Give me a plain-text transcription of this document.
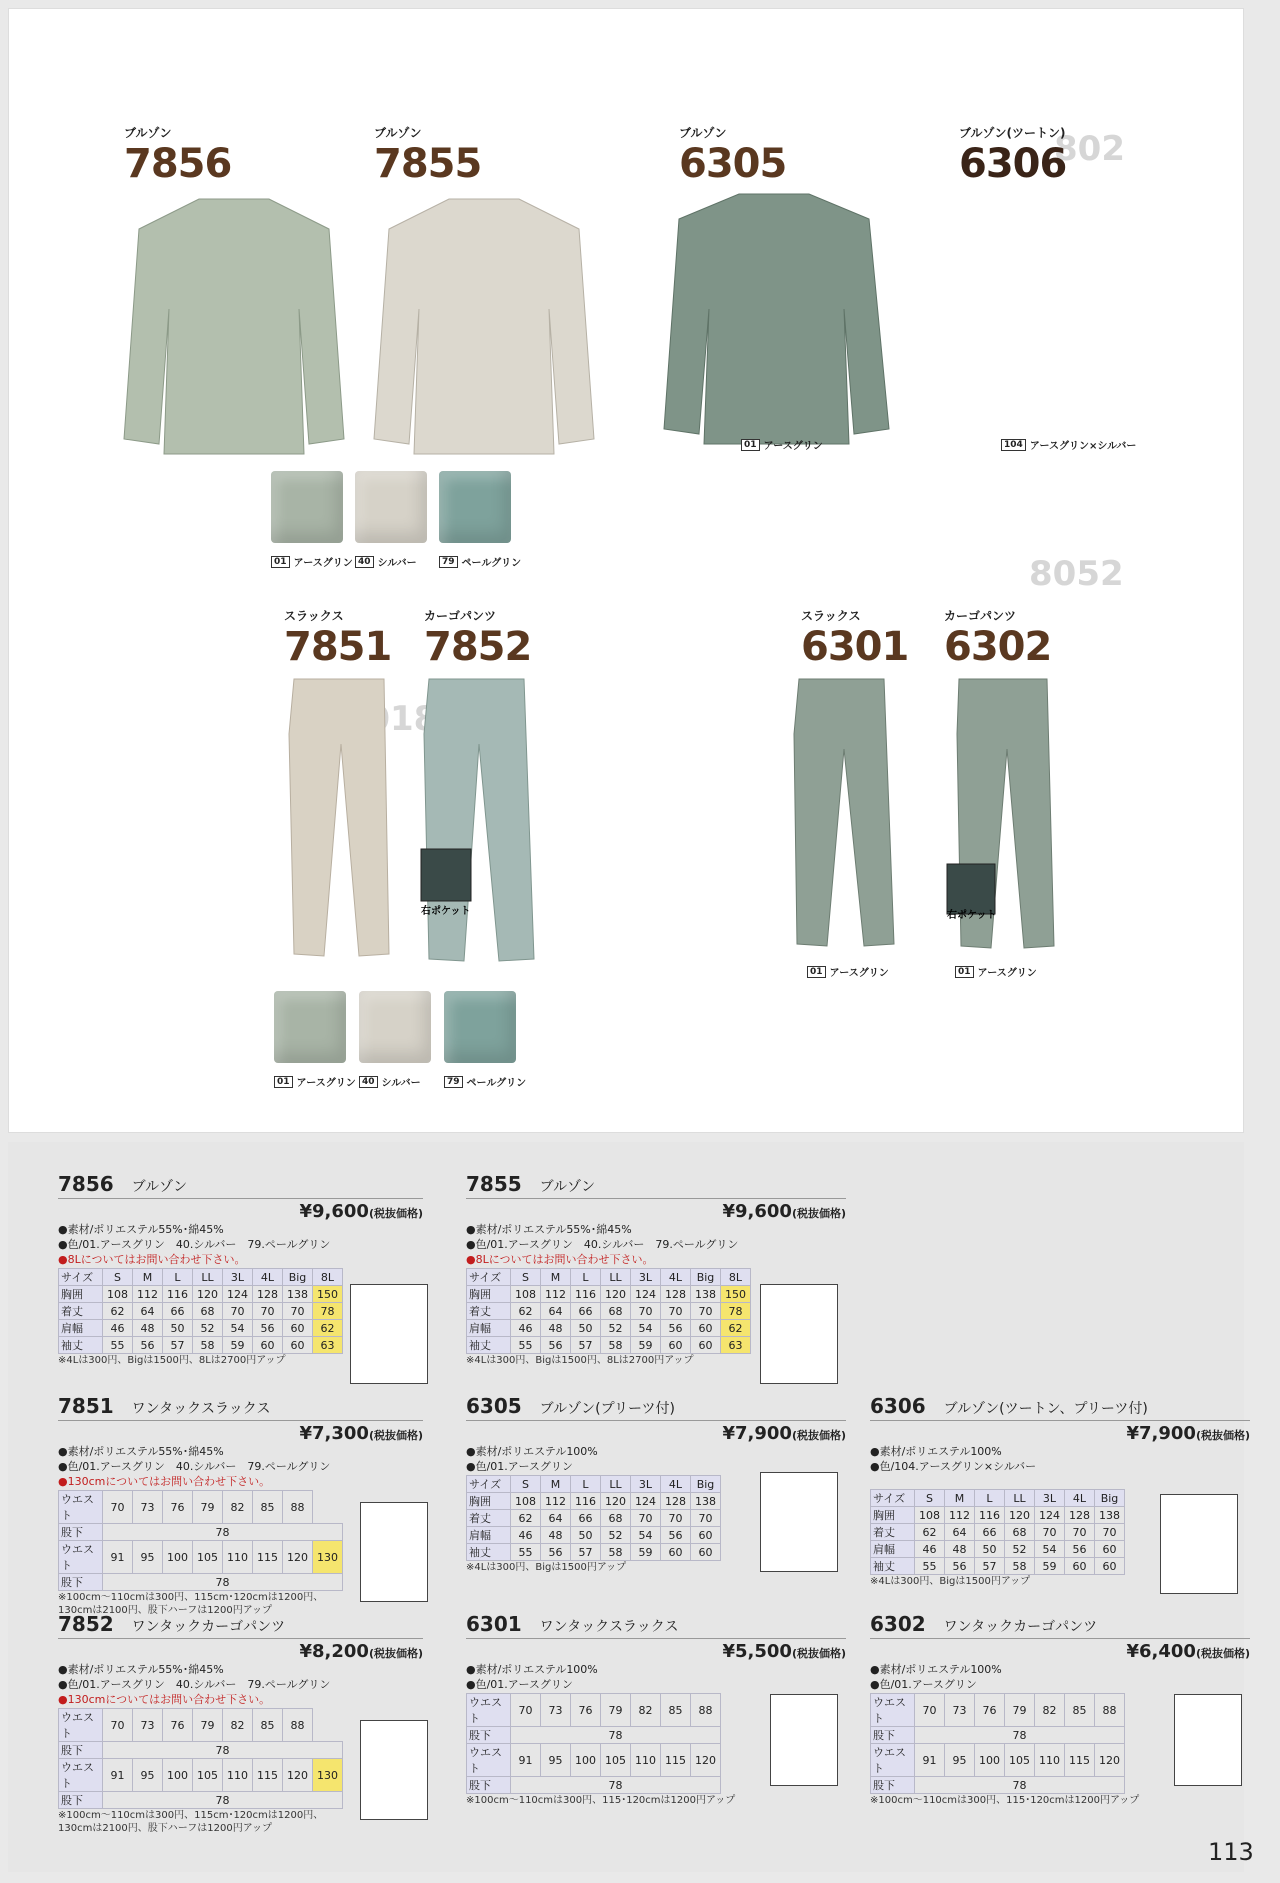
802
8052
ブルゾン
7856
ブルゾン
7855
ブルゾン
6305
ブルゾン(ツートン)
6306
01 アースグリン	104 アースグリン×シルバー
01 アースグリン 40 シルバー	79 ペールグリン
スラックス
7851
カーゴパンツ
7852
スラックス
6301
カーゴパンツ
6302
右ポケット	右ポケット
01 アースグリン	01 アースグリン
01 アースグリン 40 シルバー	79 ペールグリン
7856 ブルゾン
¥9,600(税抜価格)
●素材/ポリエステル55%･綿45%
●色/01.アースグリン　40.シルバー　79.ペールグリン
●8Lについてはお問い合わせ下さい。
サイズ	S	M	L	LL	3L	4L	Big	8L
胸囲	108	112	116	120	124	128	138	150
着丈	62	64	66	68	70	70	70	78
肩幅	46	48	50	52	54	56	60	62
袖丈	55	56	57	58	59	60	60	63
※4Lは300円、Bigは1500円、8Lは2700円アップ
7855 ブルゾン
¥9,600(税抜価格)
●素材/ポリエステル55%･綿45%
●色/01.アースグリン　40.シルバー　79.ペールグリン
●8Lについてはお問い合わせ下さい。
サイズ	S	M	L	LL	3L	4L	Big	8L
胸囲	108	112	116	120	124	128	138	150
着丈	62	64	66	68	70	70	70	78
肩幅	46	48	50	52	54	56	60	62
袖丈	55	56	57	58	59	60	60	63
※4Lは300円、Bigは1500円、8Lは2700円アップ
7851 ワンタックスラックス
¥7,300(税抜価格)
●素材/ポリエステル55%･綿45%
●色/01.アースグリン　40.シルバー　79.ペールグリン
●130cmについてはお問い合わせ下さい。
ウエスト	70	73	76	79	82	85	88	
股下	78							
ウエスト	91	95	100	105	110	115	120	130
股下	78							
※100cm～110cmは300円、115cm･120cmは1200円、
130cmは2100円、股下ハーフは1200円アップ
7852 ワンタックカーゴパンツ
¥8,200(税抜価格)
●素材/ポリエステル55%･綿45%
●色/01.アースグリン　40.シルバー　79.ペールグリン
●130cmについてはお問い合わせ下さい。
ウエスト	70	73	76	79	82	85	88	
股下	78							
ウエスト	91	95	100	105	110	115	120	130
股下	78							
※100cm～110cmは300円、115cm･120cmは1200円、
130cmは2100円、股下ハーフは1200円アップ
6305 ブルゾン(プリーツ付)
¥7,900(税抜価格)
●素材/ポリエステル100%
●色/01.アースグリン
サイズ	S	M	L	LL	3L	4L	Big
胸囲	108	112	116	120	124	128	138
着丈	62	64	66	68	70	70	70
肩幅	46	48	50	52	54	56	60
袖丈	55	56	57	58	59	60	60
※4Lは300円、Bigは1500円アップ
6301 ワンタックスラックス
¥5,500(税抜価格)
●素材/ポリエステル100%
●色/01.アースグリン
ウエスト	70	73	76	79	82	85	88
股下	78						
ウエスト	91	95	100	105	110	115	120
股下	78						
※100cm～110cmは300円、115･120cmは1200円アップ
6306 ブルゾン(ツートン、プリーツ付)
¥7,900(税抜価格)
●素材/ポリエステル100%
●色/104.アースグリン×シルバー
サイズ	S	M	L	LL	3L	4L	Big
胸囲	108	112	116	120	124	128	138
着丈	62	64	66	68	70	70	70
肩幅	46	48	50	52	54	56	60
袖丈	55	56	57	58	59	60	60
※4Lは300円、Bigは1500円アップ
6302 ワンタックカーゴパンツ
¥6,400(税抜価格)
●素材/ポリエステル100%
●色/01.アースグリン
ウエスト	70	73	76	79	82	85	88
股下	78						
ウエスト	91	95	100	105	110	115	120
股下	78						
※100cm～110cmは300円、115･120cmは1200円アップ
113
